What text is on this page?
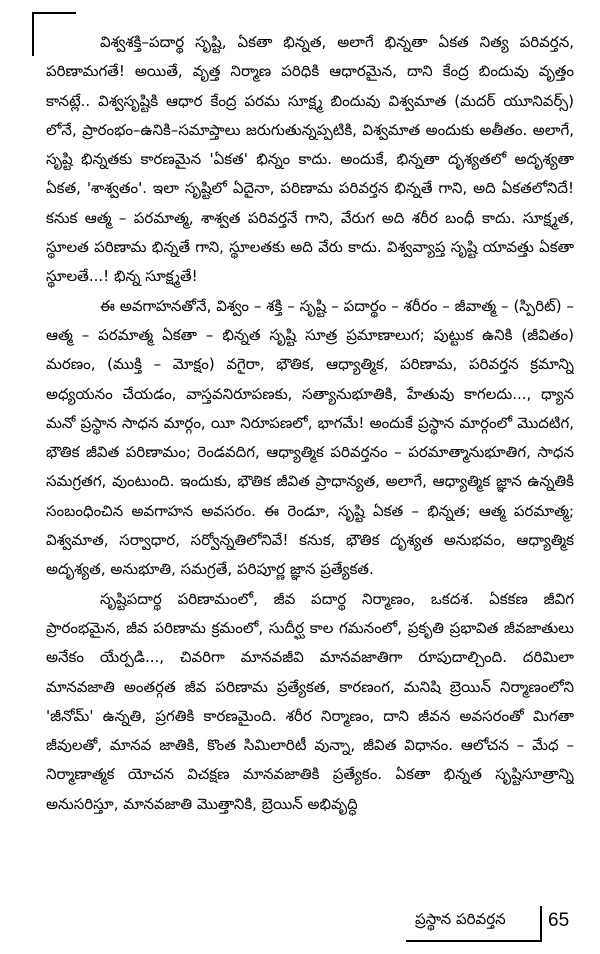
విశ్వశక్తి–పదార్థ సృష్టి, ఏకతా భిన్నత, అలాగే భిన్నతా ఏకత నిత్య పరివర్తన, పరిణామగతే! అయితే, వృత్త నిర్మాణ పరిధికి ఆధారమైన, దాని కేంద్ర బిందువు వృత్తం కానట్లే.. విశ్వసృష్టికి ఆధార కేంద్ర పరమ సూక్ష్మ బిందువు విశ్వమాత (మదర్ యూనివర్స్) లోనే, ప్రారంభం–ఉనికి–సమాప్తాలు జరుగుతున్నప్పటికి, విశ్వమాత అందుకు అతీతం. అలాగే, సృష్టి భిన్నతకు కారణమైన 'ఏకత' భిన్నం కాదు. అందుకే, భిన్నతా దృశ్యతలో అదృశ్యతా ఏకత, 'శాశ్వతం'. ఇలా సృష్టిలో ఏదైనా, పరిణామ పరివర్తన భిన్నతే గాని, అది ఏకతలోనిదే! కనుక ఆత్మ – పరమాత్మ, శాశ్వత పరివర్తనే గాని, వేరుగ అది శరీర బంధీ కాదు. సూక్ష్మత, స్థూలత పరిణామ భిన్నతే గాని, స్థూలతకు అది వేరు కాదు. విశ్వవ్యాప్త సృష్టి యావత్తు ఏకతా స్థూలతే...! భిన్న సూక్ష్మతే!

ఈ అవగాహనతోనే, విశ్వం – శక్తి – సృష్టి – పదార్థం – శరీరం – జీవాత్మ – (స్పిరిట్) – ఆత్మ – పరమాత్మ ఏకతా – భిన్నత సృష్టి సూత్ర ప్రమాణాలుగ; పుట్టుక ఉనికి (జీవితం) మరణం, (ముక్తి – మోక్షం) వగైరా, భౌతిక, ఆధ్యాత్మిక, పరిణామ, పరివర్తన క్రమాన్ని అధ్యయనం చేయడం, వాస్తవనిరూపణకు, సత్యానుభూతికి, హేతువు కాగలదు..., ధ్యాన మనో ప్రస్థాన సాధన మార్గం, యీ నిరూపణలో, భాగమే! అందుకే ప్రస్థాన మార్గంలో మొదటిగ, భౌతిక జీవిత పరిణామం; రెండవదిగ, ఆధ్యాత్మిక పరివర్తనం – పరమాత్మానుభూతిగ, సాధన సమగ్రతగ, వుంటుంది. ఇందుకు, భౌతిక జీవిత ప్రాధాన్యత, అలాగే, ఆధ్యాత్మిక జ్ఞాన ఉన్నతికి సంబంధించిన అవగాహన అవసరం. ఈ రెండూ, సృష్టి ఏకత – భిన్నత; ఆత్మ పరమాత్మ; విశ్వమాత, సర్వాధార, సర్వోన్నతిలోనివే! కనుక, భౌతిక దృశ్యత అనుభవం, ఆధ్యాత్మిక అదృశ్యత, అనుభూతి, సమగ్రతే, పరిపూర్ణ జ్ఞాన ప్రత్యేకత.

సృష్టిపదార్థ పరిణామంలో, జీవ పదార్థ నిర్మాణం, ఒకదశ. ఏకకణ జీవిగ ప్రారంభమైన, జీవ పరిణామ క్రమంలో, సుదీర్ఘ కాల గమనంలో, ప్రకృతి ప్రభావిత జీవజాతులు అనేకం యేర్పడి..., చివరిగా మానవజీవి మానవజాతిగా రూపుదాల్చింది. దరిమిలా మానవజాతి అంతర్గత జీవ పరిణామ ప్రత్యేకత, కారణంగ, మనిషి బ్రెయిన్ నిర్మాణంలోని 'జీనోమ్' ఉన్నతి, ప్రగతికి కారణమైంది. శరీర నిర్మాణం, దాని జీవన అవసరంతో మిగతా జీవులతో, మానవ జాతికి, కొంత సిమిలారిటీ వున్నా, జీవిత విధానం. ఆలోచన – మేధ – నిర్మాణాత్మక యోచన విచక్షణ మానవజాతికి ప్రత్యేకం. ఏకతా భిన్నత సృష్టిసూత్రాన్ని అనుసరిస్తూ, మానవజాతి మొత్తానికి, బ్రెయిన్ అభివృద్ధి

ప్రస్థాన పరివర్తన 65
